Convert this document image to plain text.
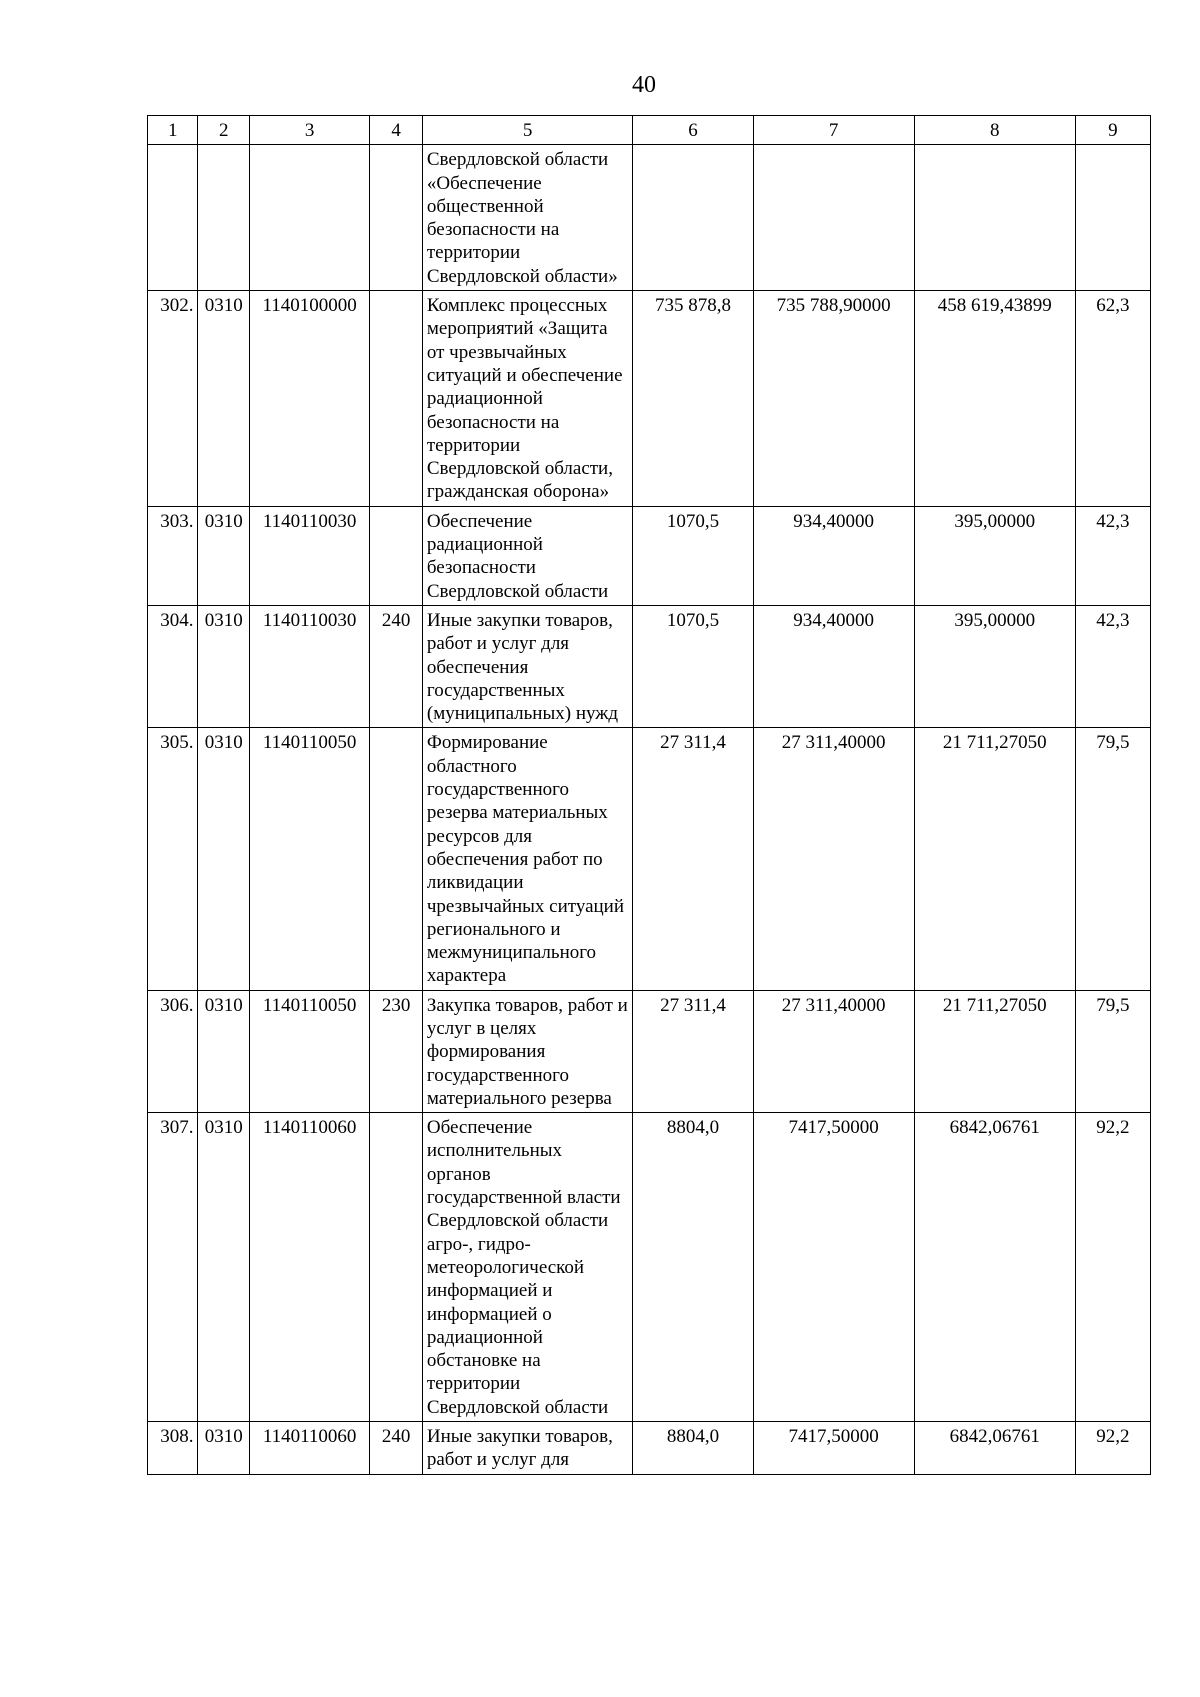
40
1	2	3	4	5	6	7	8	9
				Свердловской области «Обеспечение общественной безопасности на территории Свердловской области»				
302.	0310	1140100000		Комплекс процессных мероприятий «Защита от чрезвычайных ситуаций и обеспечение радиационной безопасности на территории Свердловской области, гражданская оборона»	735 878,8	735 788,90000	458 619,43899	62,3
303.	0310	1140110030		Обеспечение радиационной безопасности Свердловской области	1070,5	934,40000	395,00000	42,3
304.	0310	1140110030	240	Иные закупки товаров, работ и услуг для обеспечения государственных (муниципальных) нужд	1070,5	934,40000	395,00000	42,3
305.	0310	1140110050		Формирование областного государственного резерва материальных ресурсов для обеспечения работ по ликвидации чрезвычайных ситуаций регионального и межмуниципального характера	27 311,4	27 311,40000	21 711,27050	79,5
306.	0310	1140110050	230	Закупка товаров, работ и услуг в целях формирования государственного материального резерва	27 311,4	27 311,40000	21 711,27050	79,5
307.	0310	1140110060		Обеспечение исполнительных органов государственной власти Свердловской области агро-, гидро-метеорологической информацией и информацией о радиационной обстановке на территории Свердловской области	8804,0	7417,50000	6842,06761	92,2
308.	0310	1140110060	240	Иные закупки товаров, работ и услуг для	8804,0	7417,50000	6842,06761	92,2
